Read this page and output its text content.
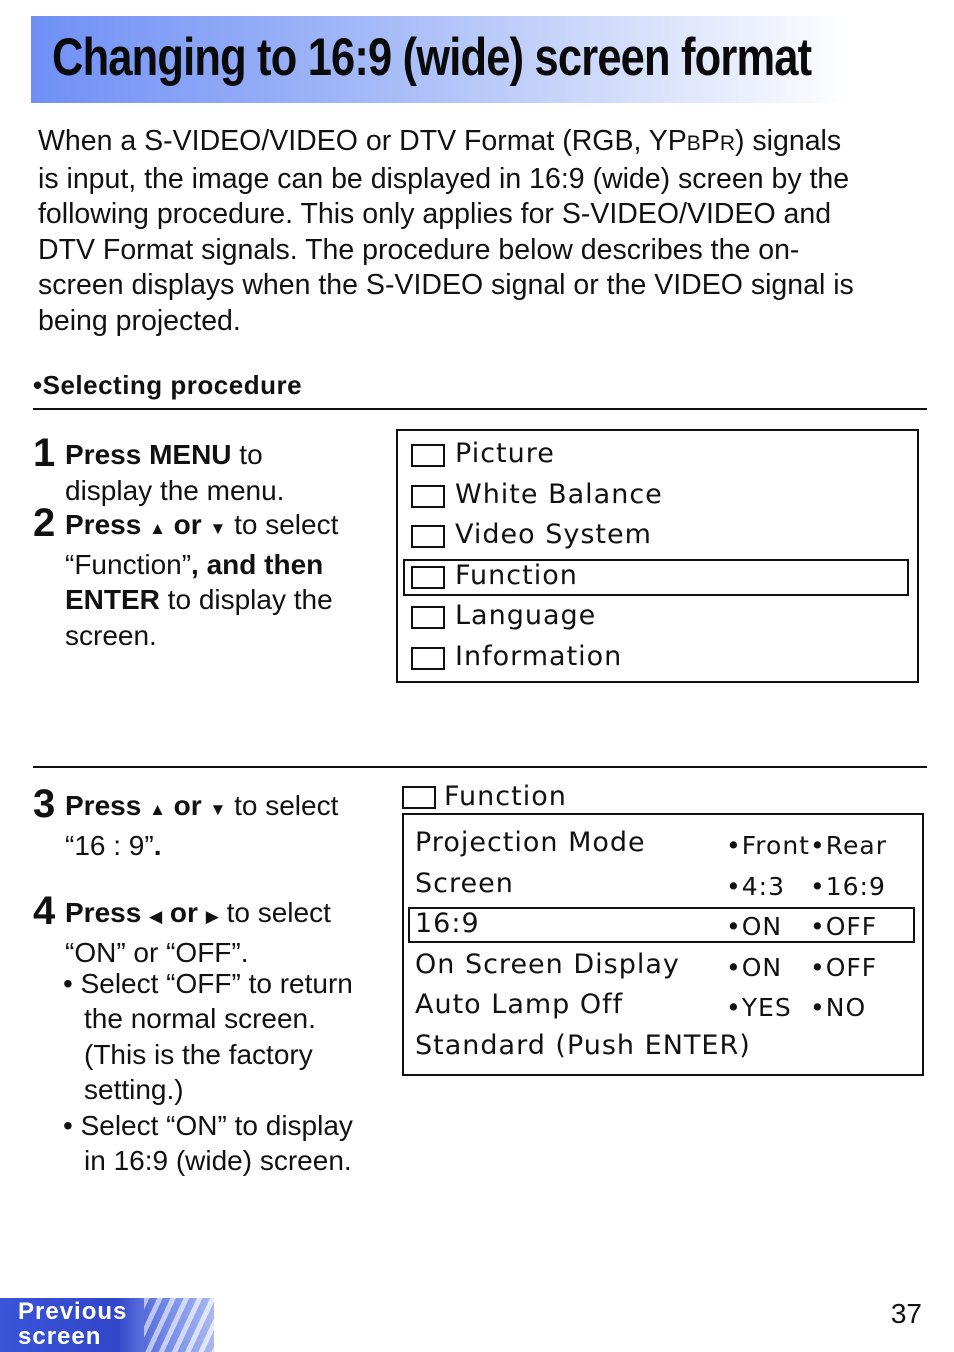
Changing to 16:9 (wide) screen format
When a S-VIDEO/VIDEO or DTV Format (RGB, YPBPR) signals
is input, the image can be displayed in 16:9 (wide) screen by the
following procedure. This only applies for S-VIDEO/VIDEO and
DTV Format signals. The procedure below describes the on-
screen displays when the S-VIDEO signal or the VIDEO signal is
being projected.
•Selecting procedure
1 Press MENU to
display the menu.
2 Press ▲ or ▼ to select
“Function”, and then
ENTER to display the
screen.
Picture
White Balance
Video System
Function
Language
Information
3 Press ▲ or ▼ to select
“16 : 9”.
4 Press ◀ or ▶ to select
“ON” or “OFF”.
• Select “OFF” to return
the normal screen.
(This is the factory
setting.)
• Select “ON” to display
in 16:9 (wide) screen.
Function
Projection Mode	•Front •Rear
Screen	•4:3 •16:9
16:9	•ON •OFF
On Screen Display •ON •OFF
Auto Lamp Off	•YES •NO
Standard (Push ENTER)
Previous
screen
37
